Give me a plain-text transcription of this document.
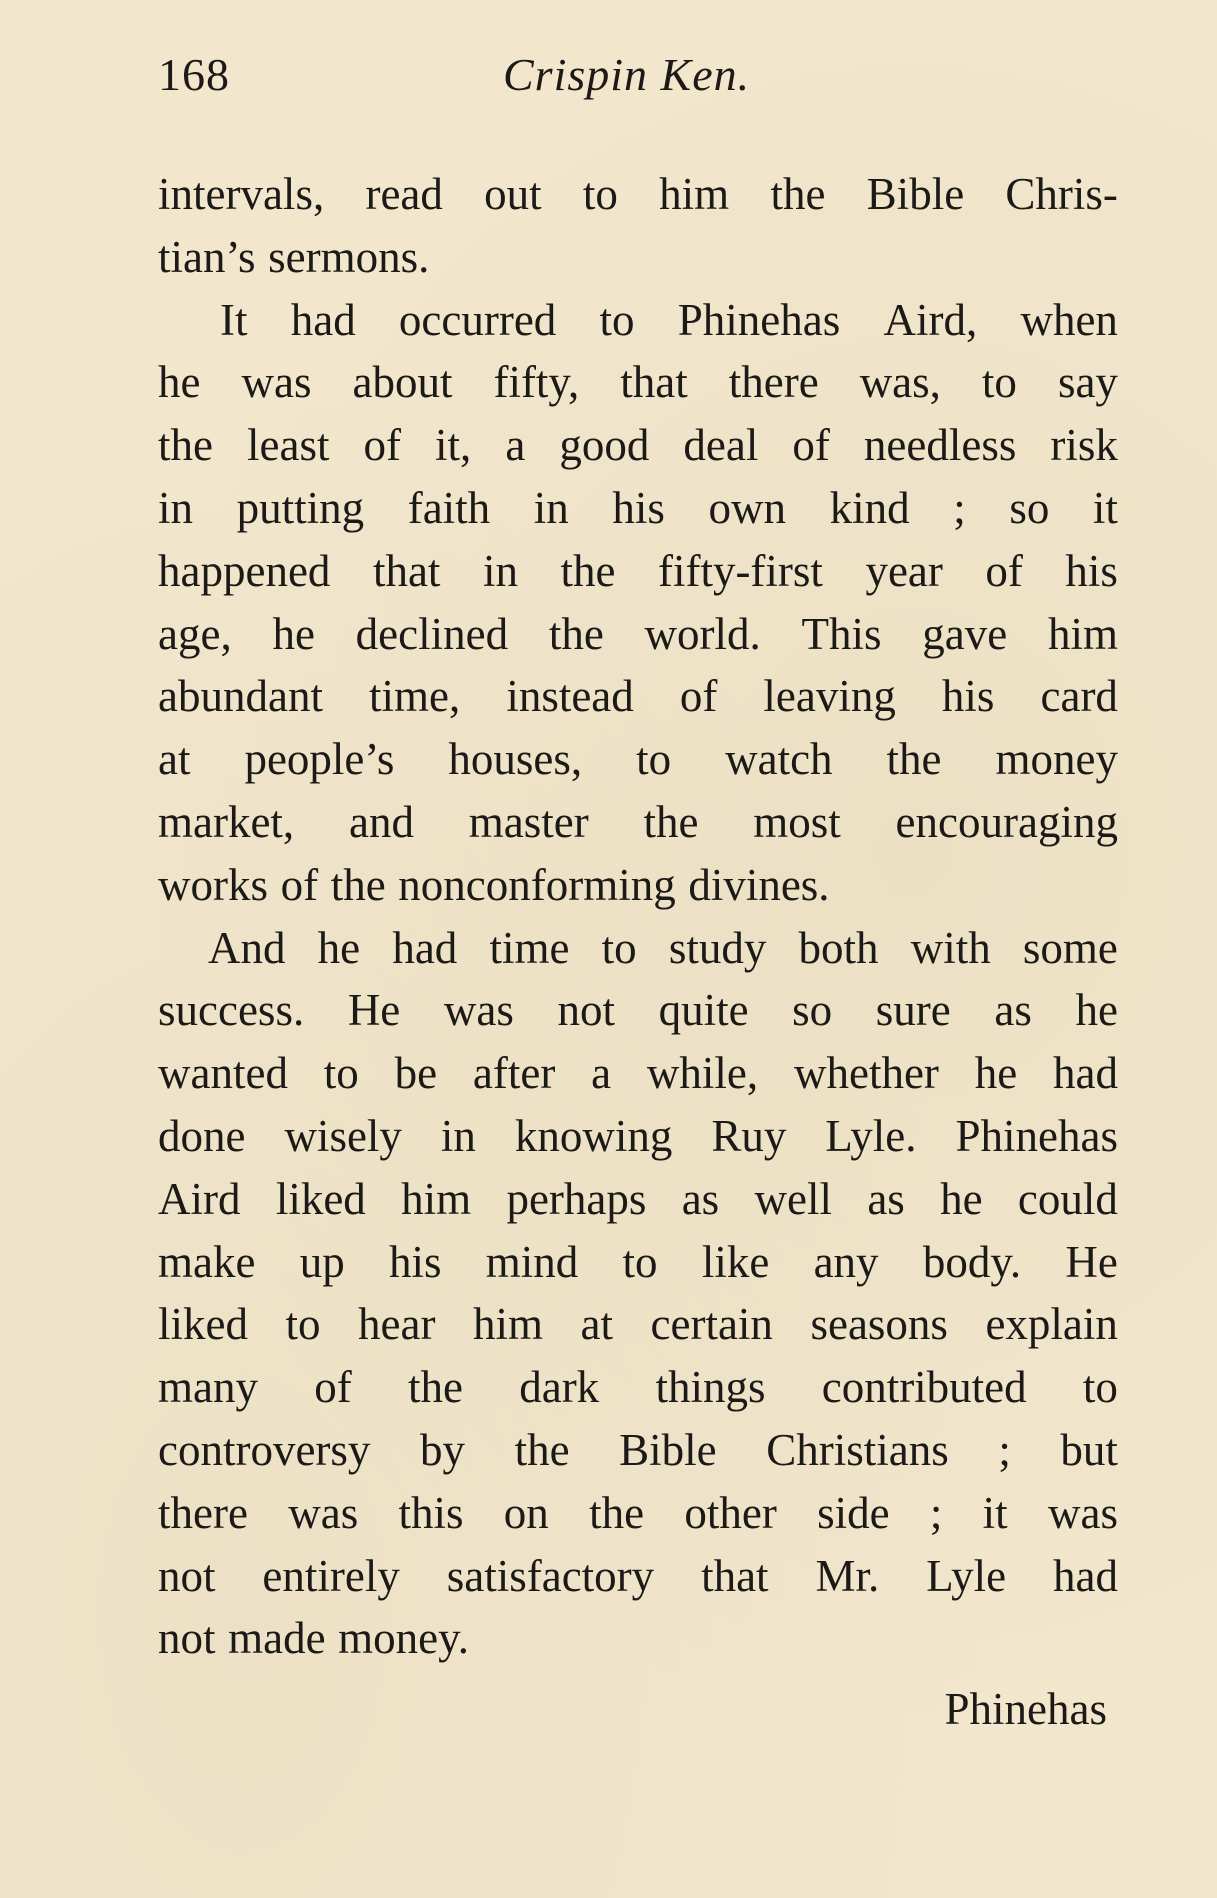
168	Crispin Ken.
intervals, read out to him the Bible Chris-
tian’s sermons.
It had occurred to Phinehas Aird, when
he was about fifty, that there was, to say
the least of it, a good deal of needless risk
in putting faith in his own kind ; so it
happened that in the fifty-first year of his
age, he declined the world. This gave him
abundant time, instead of leaving his card
at people’s houses, to watch the money
market, and master the most encouraging
works of the nonconforming divines.
And he had time to study both with some
success. He was not quite so sure as he
wanted to be after a while, whether he had
done wisely in knowing Ruy Lyle. Phinehas
Aird liked him perhaps as well as he could
make up his mind to like any body. He
liked to hear him at certain seasons explain
many of the dark things contributed to
controversy by the Bible Christians ; but
there was this on the other side ; it was
not entirely satisfactory that Mr. Lyle had
not made money.
Phinehas
